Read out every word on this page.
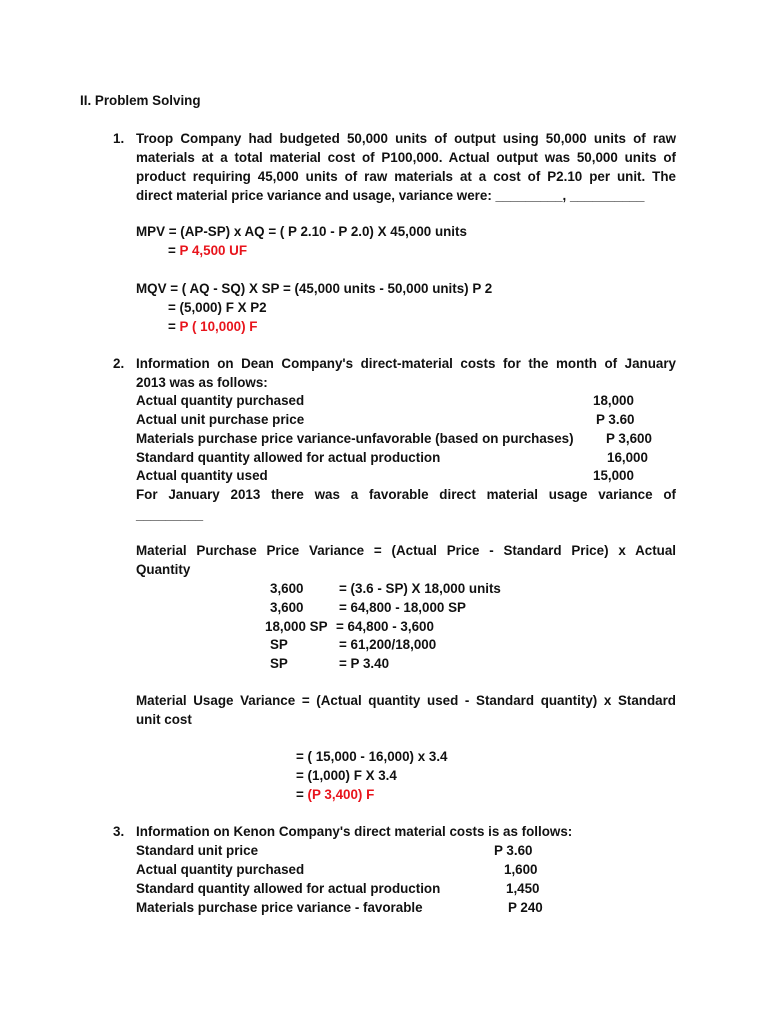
II. Problem Solving
1. Troop Company had budgeted 50,000 units of output using 50,000 units of raw
materials at a total material cost of P100,000. Actual output was 50,000 units of
product requiring 45,000 units of raw materials at a cost of P2.10 per unit. The
direct material price variance and usage, variance were: _________, __________
MPV = (AP-SP) x AQ = ( P 2.10 - P 2.0) X 45,000 units
= P 4,500 UF
MQV = ( AQ - SQ) X SP = (45,000 units - 50,000 units) P 2
= (5,000) F X P2
= P ( 10,000) F
2. Information on Dean Company's direct-material costs for the month of January
2013 was as follows:
Actual quantity purchased	18,000
Actual unit purchase price	P 3.60
Materials purchase price variance-unfavorable (based on purchases) P 3,600
Standard quantity allowed for actual production	16,000
Actual quantity used	15,000
For January 2013 there was a favorable direct material usage variance of
_________
Material Purchase Price Variance = (Actual Price - Standard Price) x Actual
Quantity
3,600	= (3.6 - SP) X 18,000 units
3,600	= 64,800 - 18,000 SP
18,000 SP = 64,800 - 3,600
SP	= 61,200/18,000
SP	= P 3.40
Material Usage Variance = (Actual quantity used - Standard quantity) x Standard
unit cost
= ( 15,000 - 16,000) x 3.4
= (1,000) F X 3.4
= (P 3,400) F
3. Information on Kenon Company's direct material costs is as follows:
Standard unit price	P 3.60
Actual quantity purchased	1,600
Standard quantity allowed for actual production	1,450
Materials purchase price variance - favorable	P 240
